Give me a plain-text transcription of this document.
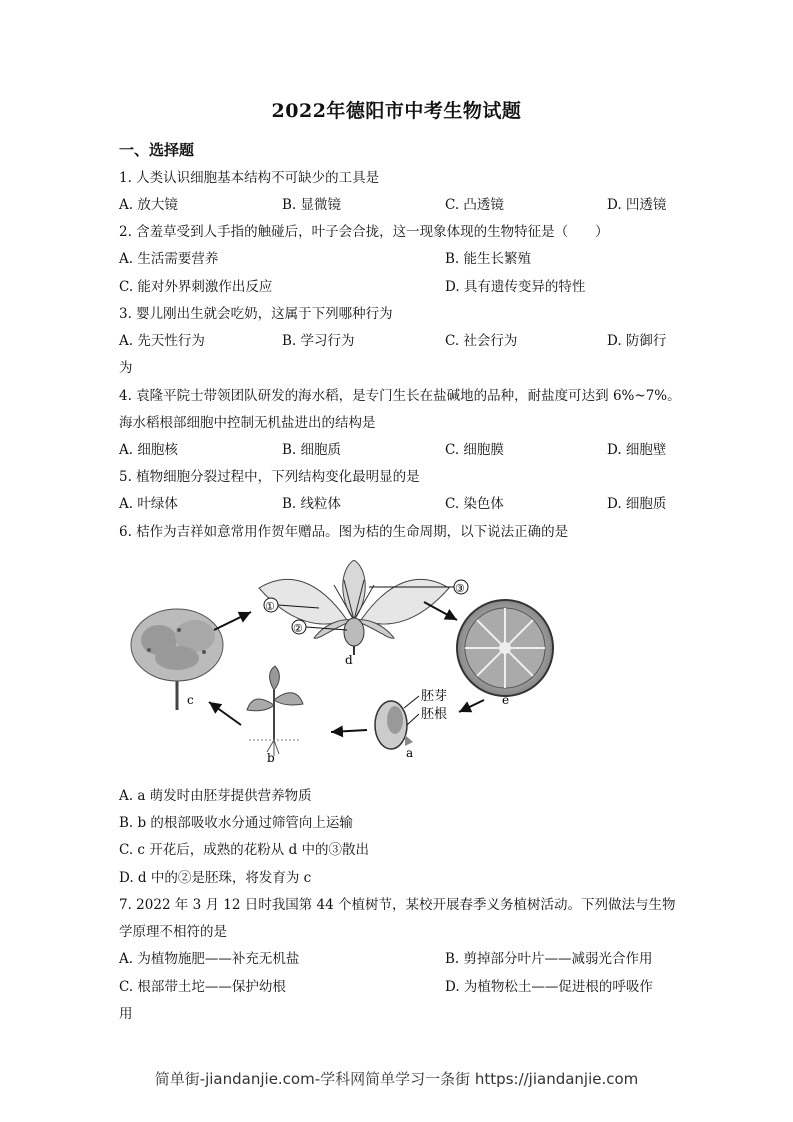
2022年德阳市中考生物试题
一、选择题
1. 人类认识细胞基本结构不可缺少的工具是
A. 放大镜	B. 显微镜	C. 凸透镜	D. 凹透镜
2. 含羞草受到人手指的触碰后，叶子会合拢，这一现象体现的生物特征是（　　）
A. 生活需要营养	B. 能生长繁殖
C. 能对外界刺激作出反应	D. 具有遗传变异的特性
3. 婴儿刚出生就会吃奶，这属于下列哪种行为
A. 先天性行为	B. 学习行为	C. 社会行为	D. 防御行
为
4. 袁隆平院士带领团队研发的海水稻，是专门生长在盐碱地的品种，耐盐度可达到 6%~7%。
海水稻根部细胞中控制无机盐进出的结构是
A. 细胞核	B. 细胞质	C. 细胞膜	D. 细胞壁
5. 植物细胞分裂过程中，下列结构变化最明显的是
A. 叶绿体	B. 线粒体	C. 染色体	D. 细胞质
6. 桔作为吉祥如意常用作贺年赠品。图为桔的生命周期，以下说法正确的是
c
d
①
②
③
e
胚芽
胚根
a
b
A. a 萌发时由胚芽提供营养物质
B. b 的根部吸收水分通过筛管向上运输
C. c 开花后，成熟的花粉从 d 中的③散出
D. d 中的②是胚珠，将发育为 c
7. 2022 年 3 月 12 日时我国第 44 个植树节，某校开展春季义务植树活动。下列做法与生物
学原理不相符的是
A. 为植物施肥——补充无机盐	B. 剪掉部分叶片——减弱光合作用
C. 根部带土坨——保护幼根	D. 为植物松土——促进根的呼吸作
用
简单街-jiandanjie.com-学科网简单学习一条街 https://jiandanjie.com
